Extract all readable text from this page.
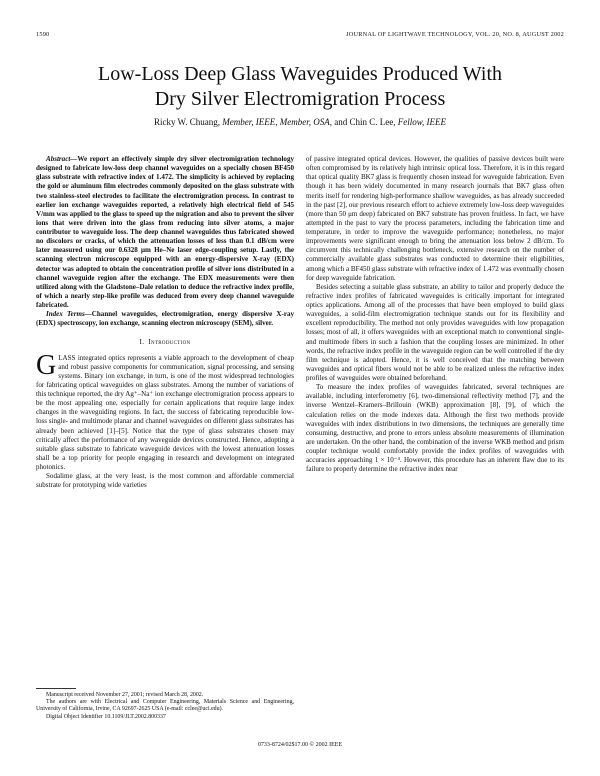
1590	JOURNAL OF LIGHTWAVE TECHNOLOGY, VOL. 20, NO. 8, AUGUST 2002
Low-Loss Deep Glass Waveguides Produced With
Dry Silver Electromigration Process
Ricky W. Chuang, Member, IEEE, Member, OSA, and Chin C. Lee, Fellow, IEEE

Abstract—We report an effectively simple dry silver electromigration technology designed to fabricate low-loss deep channel waveguides on a specially chosen BF450 glass substrate with refractive index of 1.472. The simplicity is achieved by replacing the gold or aluminum film electrodes commonly deposited on the glass substrate with two stainless-steel electrodes to facilitate the electromigration process. In contrast to earlier ion exchange waveguides reported, a relatively high electrical field of 545 V/mm was applied to the glass to speed up the migration and also to prevent the silver ions that were driven into the glass from reducing into silver atoms, a major contributor to waveguide loss. The deep channel waveguides thus fabricated showed no discolors or cracks, of which the attenuation losses of less than 0.1 dB/cm were later measured using our 0.6328 μm He–Ne laser edge-coupling setup. Lastly, the scanning electron microscope equipped with an energy-dispersive X-ray (EDX) detector was adopted to obtain the concentration profile of silver ions distributed in a channel waveguide region after the exchange. The EDX measurements were then utilized along with the Gladstone–Dale relation to deduce the refractive index profile, of which a nearly step-like profile was deduced from every deep channel waveguide fabricated.

Index Terms—Channel waveguides, electromigration, energy dispersive X-ray (EDX) spectroscopy, ion exchange, scanning electron microscopy (SEM), silver.

I. Introduction

GLASS integrated optics represents a viable approach to the development of cheap and robust passive components for communication, signal processing, and sensing systems. Binary ion exchange, in turn, is one of the most widespread technologies for fabricating optical waveguides on glass substrates. Among the number of variations of this technique reported, the dry Ag⁺–Na⁺ ion exchange electromigration process appears to be the most appealing one, especially for certain applications that require large index changes in the waveguiding regions. In fact, the success of fabricating reproducible low-loss single- and multimode planar and channel waveguides on different glass substrates has already been achieved [1]–[5]. Notice that the type of glass substrates chosen may critically affect the performance of any waveguide devices constructed. Hence, adopting a suitable glass substrate to fabricate waveguide devices with the lowest attenuation losses shall be a top priority for people engaging in research and development on integrated photonics.

Sodalime glass, at the very least, is the most common and affordable commercial substrate for prototyping wide varieties

of passive integrated optical devices. However, the qualities of passive devices built were often compromised by its relatively high intrinsic optical loss. Therefore, it is in this regard that optical quality BK7 glass is frequently chosen instead for waveguide fabrication. Even though it has been widely documented in many research journals that BK7 glass often merits itself for rendering high-performance shallow waveguides, as has already succeeded in the past [2], our previous research effort to achieve extremely low-loss deep waveguides (more than 50 μm deep) fabricated on BK7 substrate has proven fruitless. In fact, we have attempted in the past to vary the process parameters, including the fabrication time and temperature, in order to improve the waveguide performance; nonetheless, no major improvements were significant enough to bring the attenuation loss below 2 dB/cm. To circumvent this technically challenging bottleneck, extensive research on the number of commercially available glass substrates was conducted to determine their eligibilities, among which a BF450 glass substrate with refractive index of 1.472 was eventually chosen for deep waveguide fabrication.

Besides selecting a suitable glass substrate, an ability to tailor and properly deduce the refractive index profiles of fabricated waveguides is critically important for integrated optics applications. Among all of the processes that have been employed to build glass waveguides, a solid-film electromigration technique stands out for its flexibility and excellent reproducibility. The method not only provides waveguides with low propagation losses; most of all, it offers waveguides with an exceptional match to conventional single- and multimode fibers in such a fashion that the coupling losses are minimized. In other words, the refractive index profile in the waveguide region can be well controlled if the dry film technique is adopted. Hence, it is well conceived that the matching between waveguides and optical fibers would not be able to be realized unless the refractive index profiles of waveguides were obtained beforehand.

To measure the index profiles of waveguides fabricated, several techniques are available, including interferometry [6], two-dimensional reflectivity method [7], and the inverse Wentzel–Kramers–Brillouin (WKB) approximation [8], [9], of which the calculation relies on the mode indexes data. Although the first two methods provide waveguides with index distributions in two dimensions, the techniques are generally time consuming, destructive, and prone to errors unless absolute measurements of illumination are undertaken. On the other hand, the combination of the inverse WKB method and prism coupler technique would comfortably provide the index profiles of waveguides with accuracies approaching 1 × 10⁻⁴. However, this procedure has an inherent flaw due to its failure to properly determine the refractive index near

Manuscript received November 27, 2001; revised March 28, 2002.
The authors are with Electrical and Computer Engineering, Materials Science and Engineering, University of California, Irvine, CA 92697-2625 USA (e-mail: cclee@uci.edu).
Digital Object Identifier 10.1109/JLT.2002.800337
0733-8724/02$17.00 © 2002 IEEE
